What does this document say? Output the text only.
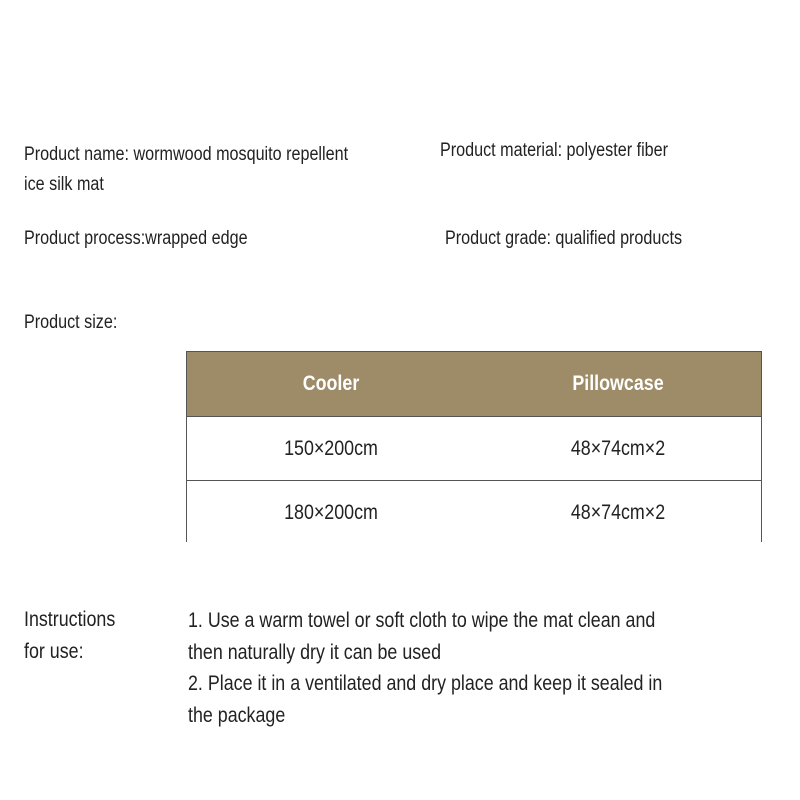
Product name: wormwood mosquito repellent
ice silk mat
Product material: polyester fiber
Product process:wrapped edge	Product grade: qualified products
Product size:
Cooler	Pillowcase
150×200cm	48×74cm×2
180×200cm	48×74cm×2
Instructions
for use:
1. Use a warm towel or soft cloth to wipe the mat clean and
then naturally dry it can be used
2. Place it in a ventilated and dry place and keep it sealed in
the package
